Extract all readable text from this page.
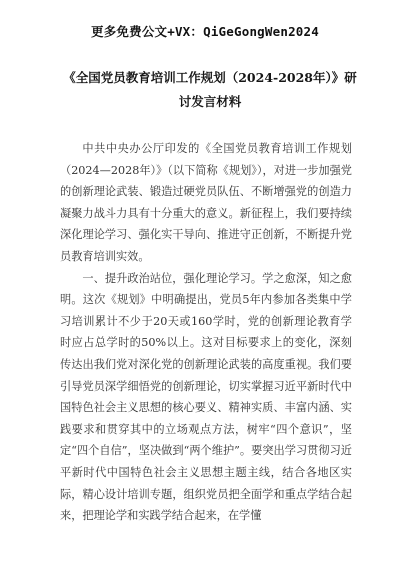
更多免费公文+VX：QiGeGongWen2024
《全国党员教育培训工作规划（2024-2028年）》研讨发言材料

中共中央办公厅印发的《全国党员教育培训工作规划（2024—2028年）》（以下简称《规划》），对进一步加强党的创新理论武装、锻造过硬党员队伍、不断增强党的创造力凝聚力战斗力具有十分重大的意义。新征程上，我们要持续深化理论学习、强化实干导向、推进守正创新，不断提升党员教育培训实效。

一、提升政治站位，强化理论学习。学之愈深，知之愈明。这次《规划》中明确提出，党员5年内参加各类集中学习培训累计不少于20天或160学时，党的创新理论教育学时应占总学时的50%以上。这对目标要求上的变化，深刻传达出我们党对深化党的创新理论武装的高度重视。我们要引导党员深学细悟党的创新理论，切实掌握习近平新时代中国特色社会主义思想的核心要义、精神实质、丰富内涵、实践要求和贯穿其中的立场观点方法，树牢“四个意识”，坚定“四个自信”，坚决做到“两个维护”。要突出学习贯彻习近平新时代中国特色社会主义思想主题主线，结合各地区实际，精心设计培训专题，组织党员把全面学和重点学结合起来，把理论学和实践学结合起来，在学懂
